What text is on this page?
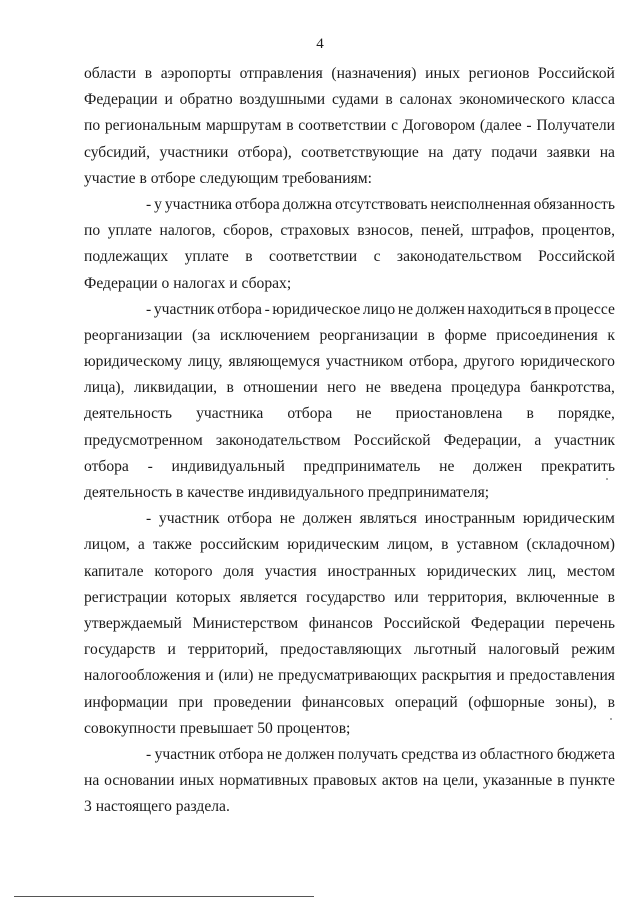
4
области в аэропорты отправления (назначения) иных регионов Российской
Федерации и обратно воздушными судами в салонах экономического класса
по региональным маршрутам в соответствии с Договором (далее - Получатели
субсидий, участники отбора), соответствующие на дату подачи заявки на
участие в отборе следующим требованиям:
- у участника отбора должна отсутствовать неисполненная обязанность
по уплате налогов, сборов, страховых взносов, пеней, штрафов, процентов,
подлежащих уплате в соответствии с законодательством Российской
Федерации о налогах и сборах;
- участник отбора - юридическое лицо не должен находиться в процессе
реорганизации (за исключением реорганизации в форме присоединения к
юридическому лицу, являющемуся участником отбора, другого юридического
лица), ликвидации, в отношении него не введена процедура банкротства,
деятельность участника отбора не приостановлена в порядке,
предусмотренном законодательством Российской Федерации, а участник
отбора - индивидуальный предприниматель не должен прекратить
деятельность в качестве индивидуального предпринимателя;
- участник отбора не должен являться иностранным юридическим
лицом, а также российским юридическим лицом, в уставном (складочном)
капитале которого доля участия иностранных юридических лиц, местом
регистрации которых является государство или территория, включенные в
утверждаемый Министерством финансов Российской Федерации перечень
государств и территорий, предоставляющих льготный налоговый режим
налогообложения и (или) не предусматривающих раскрытия и предоставления
информации при проведении финансовых операций (офшорные зоны), в
совокупности превышает 50 процентов;
- участник отбора не должен получать средства из областного бюджета
на основании иных нормативных правовых актов на цели, указанные в пункте
3 настоящего раздела.
